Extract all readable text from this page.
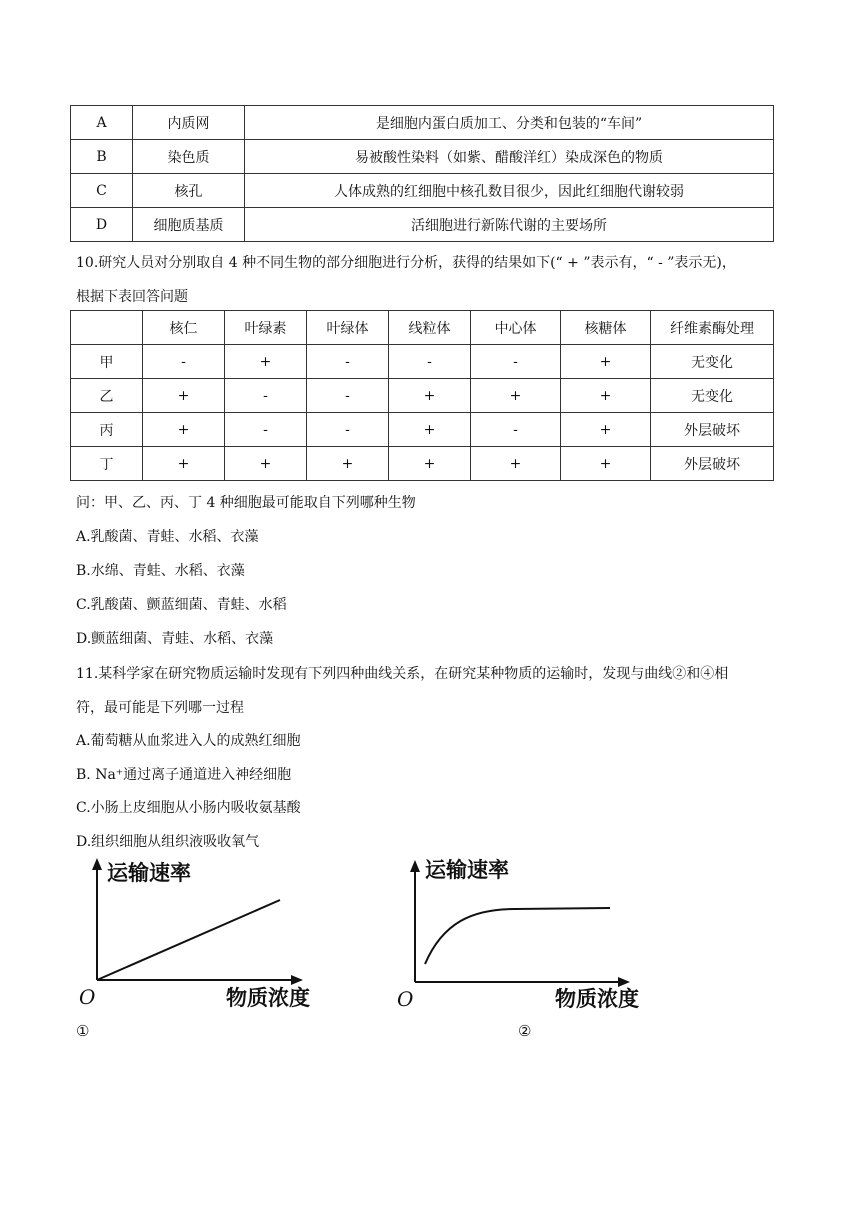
A	内质网	是细胞内蛋白质加工、分类和包装的“车间”
B	染色质	易被酸性染料（如紫、醋酸洋红）染成深色的物质
C	核孔	人体成熟的红细胞中核孔数目很少，因此红细胞代谢较弱
D	细胞质基质	活细胞进行新陈代谢的主要场所
10.研究人员对分别取自 4 种不同生物的部分细胞进行分析，获得的结果如下(“ + ”表示有，“ - ”表示无)，
根据下表回答问题
	核仁	叶绿素	叶绿体	线粒体	中心体	核糖体	纤维素酶处理
甲	-	+	-	-	-	+	无变化
乙	+	-	-	+	+	+	无变化
丙	+	-	-	+	-	+	外层破坏
丁	+	+	+	+	+	+	外层破坏
问：甲、乙、丙、丁 4 种细胞最可能取自下列哪种生物
A.乳酸菌、青蛙、水稻、衣藻
B.水绵、青蛙、水稻、衣藻
C.乳酸菌、颤蓝细菌、青蛙、水稻
D.颤蓝细菌、青蛙、水稻、衣藻
11.某科学家在研究物质运输时发现有下列四种曲线关系，在研究某种物质的运输时，发现与曲线②和④相
符，最可能是下列哪一过程
A.葡萄糖从血浆进入人的成熟红细胞
B. Na⁺通过离子通道进入神经细胞
C.小肠上皮细胞从小肠内吸收氨基酸
D.组织细胞从组织液吸收氧气
运输速率
物质浓度
O
①
运输速率
物质浓度
O
②
